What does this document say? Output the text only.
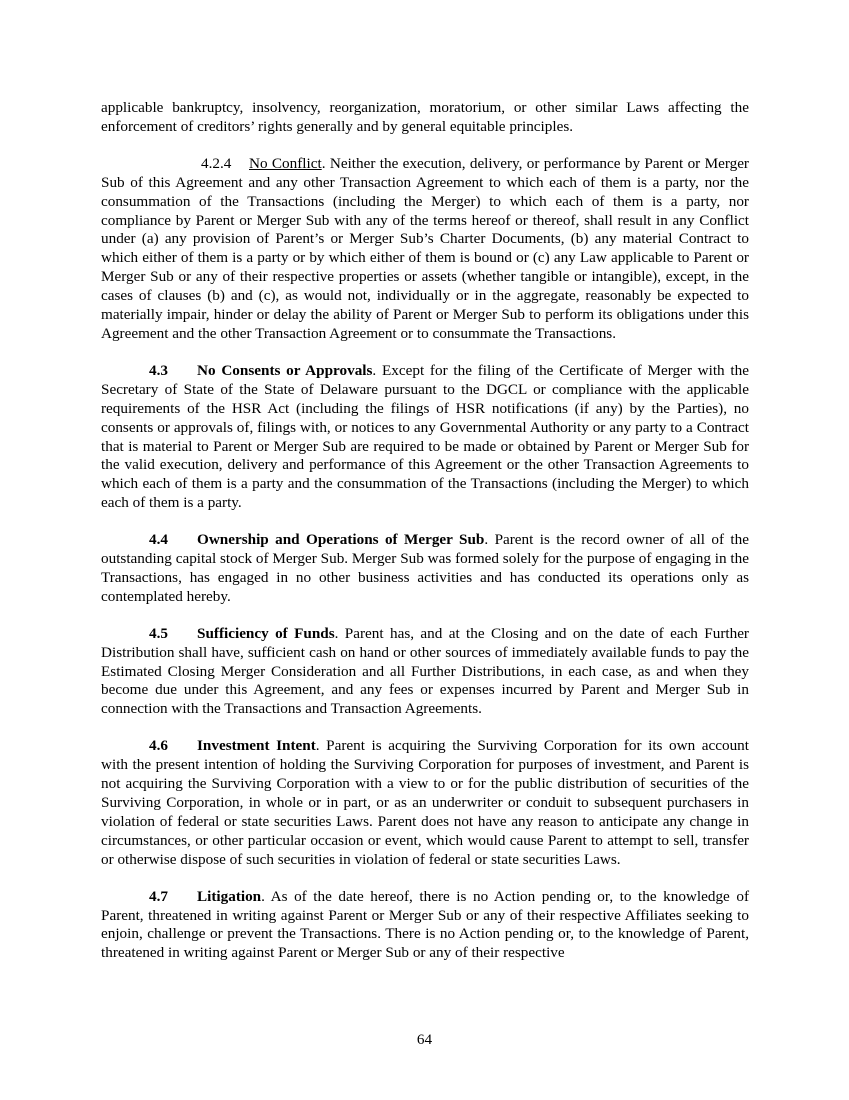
applicable bankruptcy, insolvency, reorganization, moratorium, or other similar Laws affecting the enforcement of creditors’ rights generally and by general equitable principles.

4.2.4 No Conflict. Neither the execution, delivery, or performance by Parent or Merger Sub of this Agreement and any other Transaction Agreement to which each of them is a party, nor the consummation of the Transactions (including the Merger) to which each of them is a party, nor compliance by Parent or Merger Sub with any of the terms hereof or thereof, shall result in any Conflict under (a) any provision of Parent’s or Merger Sub’s Charter Documents, (b) any material Contract to which either of them is a party or by which either of them is bound or (c) any Law applicable to Parent or Merger Sub or any of their respective properties or assets (whether tangible or intangible), except, in the cases of clauses (b) and (c), as would not, individually or in the aggregate, reasonably be expected to materially impair, hinder or delay the ability of Parent or Merger Sub to perform its obligations under this Agreement and the other Transaction Agreement or to consummate the Transactions.

4.3 No Consents or Approvals. Except for the filing of the Certificate of Merger with the Secretary of State of the State of Delaware pursuant to the DGCL or compliance with the applicable requirements of the HSR Act (including the filings of HSR notifications (if any) by the Parties), no consents or approvals of, filings with, or notices to any Governmental Authority or any party to a Contract that is material to Parent or Merger Sub are required to be made or obtained by Parent or Merger Sub for the valid execution, delivery and performance of this Agreement or the other Transaction Agreements to which each of them is a party and the consummation of the Transactions (including the Merger) to which each of them is a party.

4.4 Ownership and Operations of Merger Sub. Parent is the record owner of all of the outstanding capital stock of Merger Sub. Merger Sub was formed solely for the purpose of engaging in the Transactions, has engaged in no other business activities and has conducted its operations only as contemplated hereby.

4.5 Sufficiency of Funds. Parent has, and at the Closing and on the date of each Further Distribution shall have, sufficient cash on hand or other sources of immediately available funds to pay the Estimated Closing Merger Consideration and all Further Distributions, in each case, as and when they become due under this Agreement, and any fees or expenses incurred by Parent and Merger Sub in connection with the Transactions and Transaction Agreements.

4.6 Investment Intent. Parent is acquiring the Surviving Corporation for its own account with the present intention of holding the Surviving Corporation for purposes of investment, and Parent is not acquiring the Surviving Corporation with a view to or for the public distribution of securities of the Surviving Corporation, in whole or in part, or as an underwriter or conduit to subsequent purchasers in violation of federal or state securities Laws. Parent does not have any reason to anticipate any change in circumstances, or other particular occasion or event, which would cause Parent to attempt to sell, transfer or otherwise dispose of such securities in violation of federal or state securities Laws.

4.7 Litigation. As of the date hereof, there is no Action pending or, to the knowledge of Parent, threatened in writing against Parent or Merger Sub or any of their respective Affiliates seeking to enjoin, challenge or prevent the Transactions. There is no Action pending or, to the knowledge of Parent, threatened in writing against Parent or Merger Sub or any of their respective

64
